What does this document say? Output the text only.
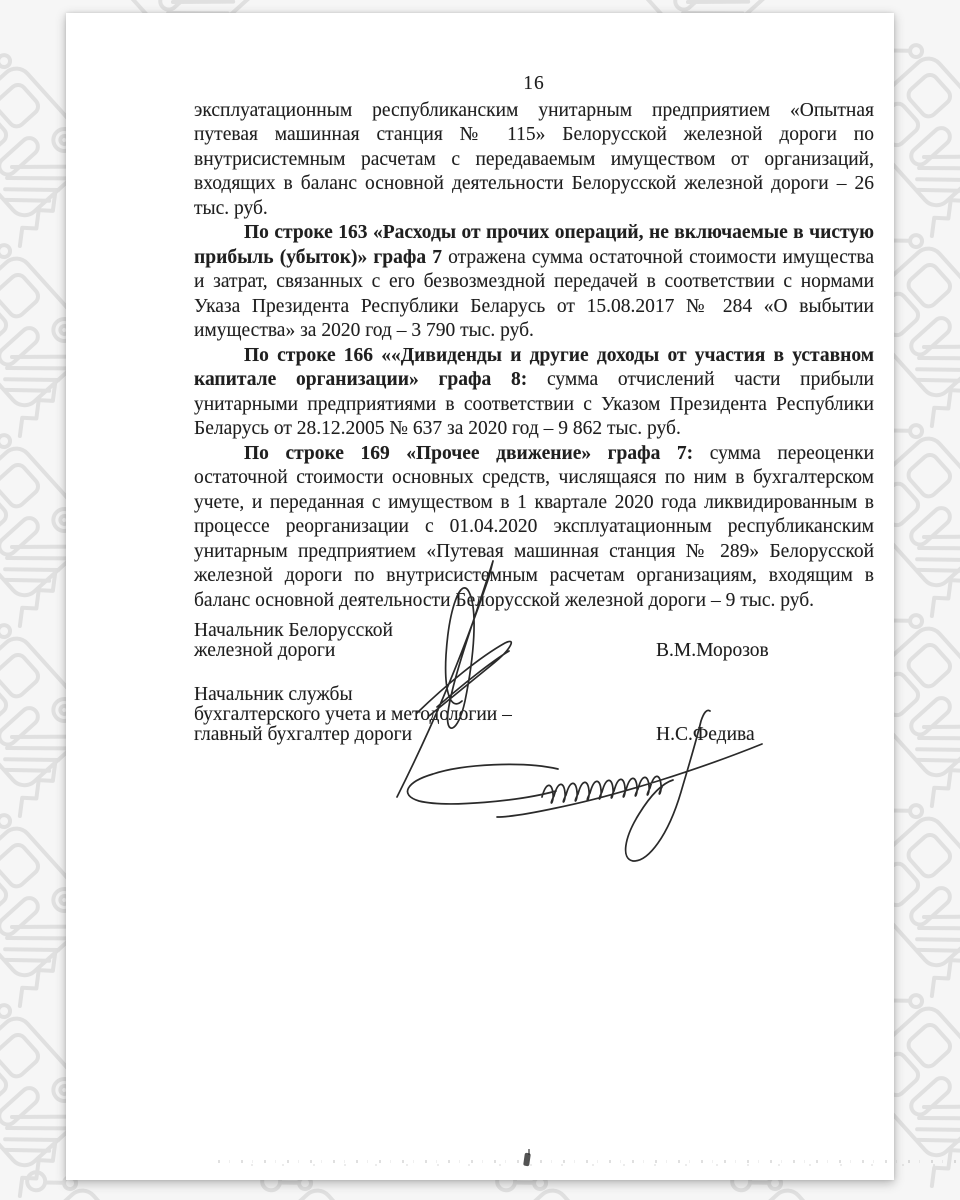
16

эксплуатационным республиканским унитарным предприятием «Опытная путевая машинная станция № 115» Белорусской железной дороги по внутрисистемным расчетам с передаваемым имуществом от организаций, входящих в баланс основной деятельности Белорусской железной дороги – 26 тыс. руб.

По строке 163 «Расходы от прочих операций, не включаемые в чистую прибыль (убыток)» графа 7 отражена сумма остаточной стоимости имущества и затрат, связанных с его безвозмездной передачей в соответствии с нормами Указа Президента Республики Беларусь от 15.08.2017 № 284 «О выбытии имущества» за 2020 год – 3 790 тыс. руб.

По строке 166 ««Дивиденды и другие доходы от участия в уставном капитале организации» графа 8: сумма отчислений части прибыли унитарными предприятиями в соответствии с Указом Президента Республики Беларусь от 28.12.2005 № 637 за 2020 год – 9 862 тыс. руб.

По строке 169 «Прочее движение» графа 7: сумма переоценки остаточной стоимости основных средств, числящаяся по ним в бухгалтерском учете, и переданная с имуществом в 1 квартале 2020 года ликвидированным в процессе реорганизации с 01.04.2020 эксплуатационным республиканским унитарным предприятием «Путевая машинная станция № 289» Белорусской железной дороги по внутрисистемным расчетам организациям, входящим в баланс основной деятельности Белорусской железной дороги – 9 тыс. руб.

Начальник Белорусской
железной дороги	В.М.Морозов
Начальник службы
бухгалтерского учета и методологии –
главный бухгалтер дороги	Н.С.Федива
